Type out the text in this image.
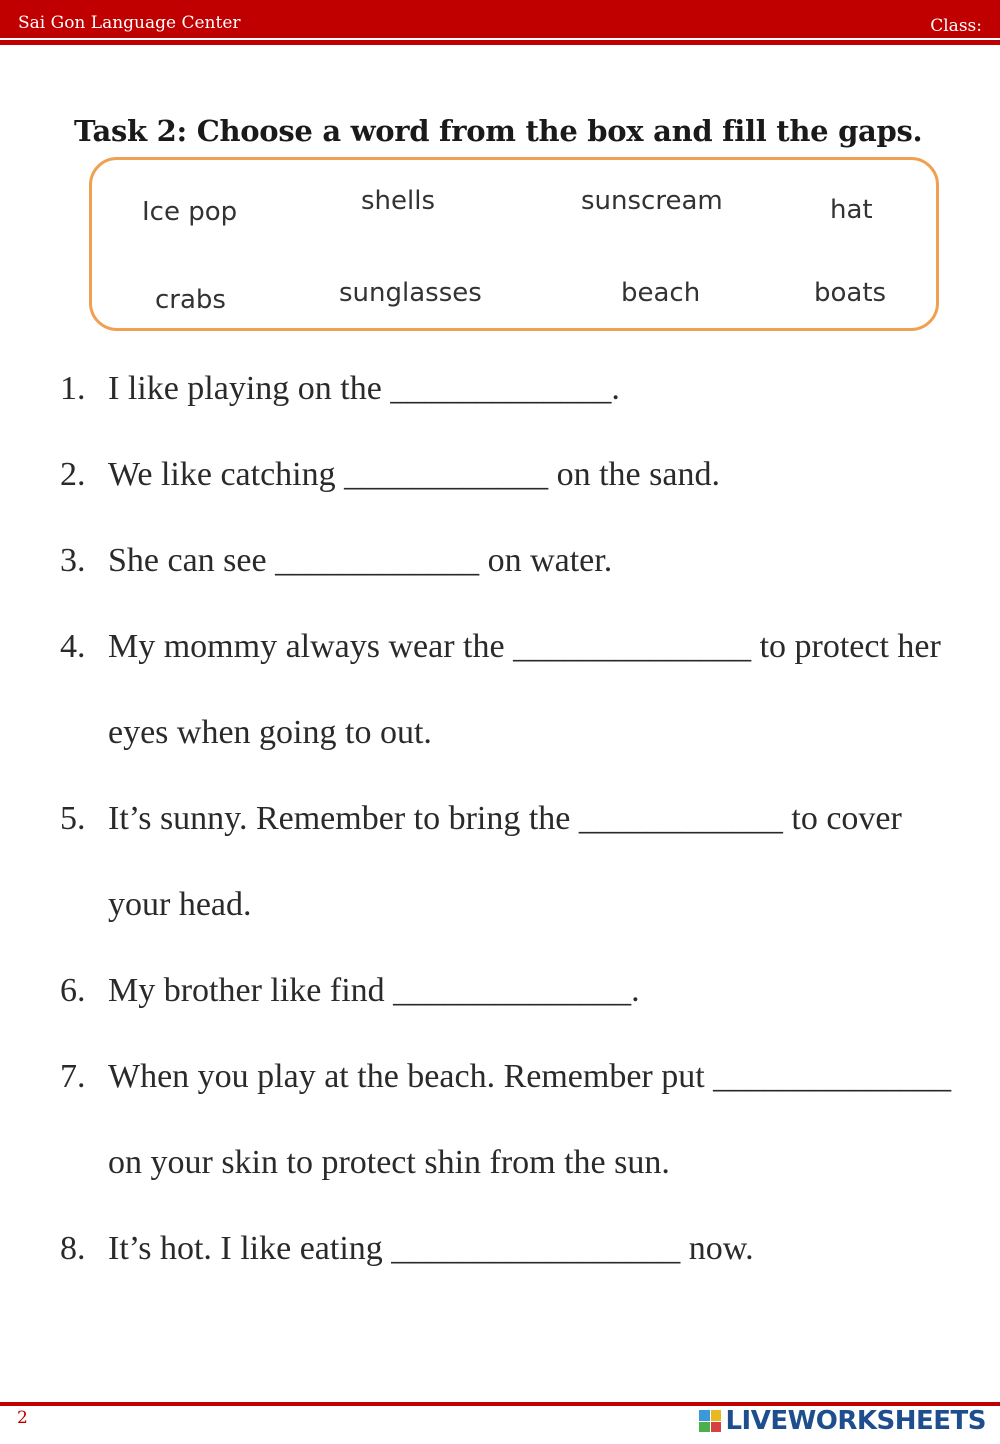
Sai Gon Language Center	Class:
Task 2: Choose a word from the box and fill the gaps.
Ice pop	shells	sunscream	hat
crabs	sunglasses	beach	boats
1. I like playing on the _____________.
2. We like catching ____________ on the sand.
3. She can see ____________ on water.
4. My mommy always wear the ______________ to protect her
eyes when going to out.
5. It’s sunny. Remember to bring the ____________ to cover
your head.
6. My brother like find ______________.
7. When you play at the beach. Remember put ______________
on your skin to protect shin from the sun.
8. It’s hot. I like eating _________________ now.
2	LIVEWORKSHEETS
